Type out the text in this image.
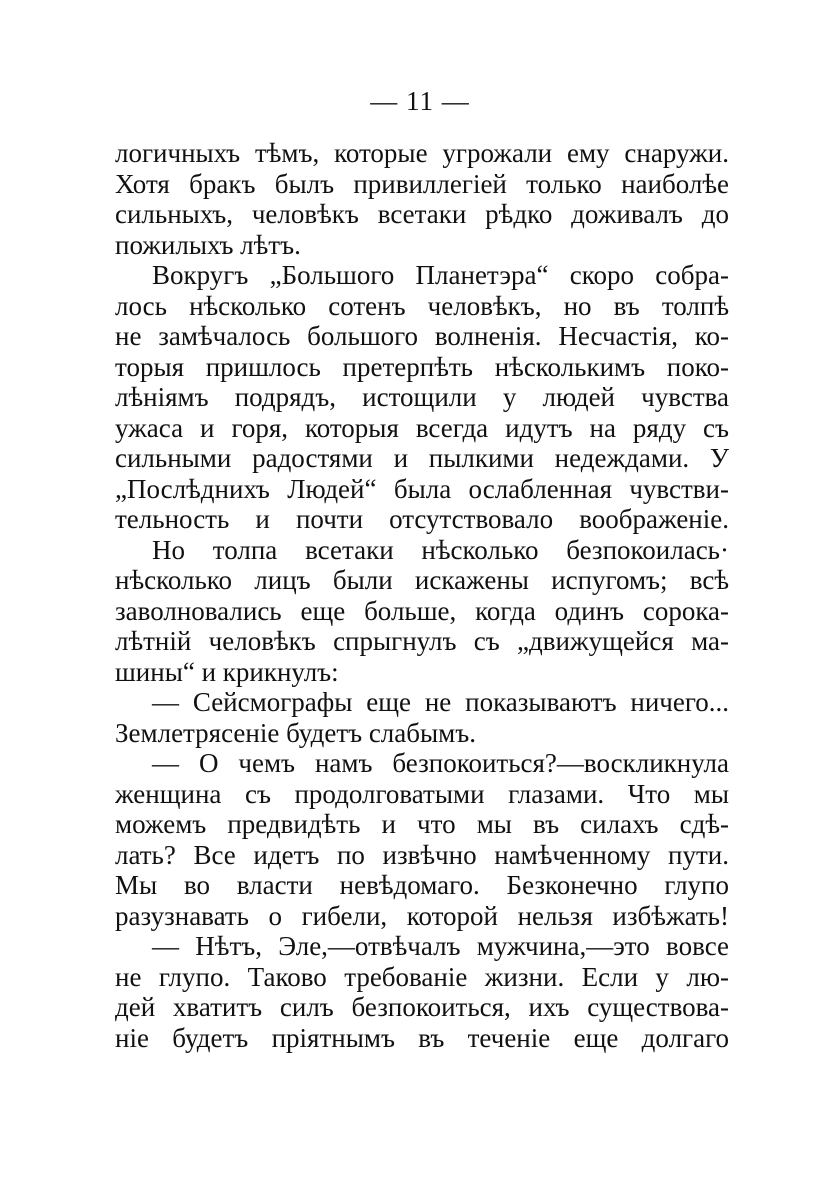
— 11 —
логичныхъ тѣмъ, которые угрожали ему снаружи.
Хотя бракъ былъ привиллегіей только наиболѣе
сильныхъ, человѣкъ всетаки рѣдко доживалъ до
пожилыхъ лѣтъ.
Вокругъ „Большого Планетэра“ скоро собра-
лось нѣсколько сотенъ человѣкъ, но въ толпѣ
не замѣчалось большого волненія. Несчастія, ко-
торыя пришлось претерпѣть нѣсколькимъ поко-
лѣніямъ подрядъ, истощили у людей чувства
ужаса и горя, которыя всегда идутъ на ряду съ
сильными радостями и пылкими недеждами. У
„Послѣднихъ Людей“ была ослабленная чувстви-
тельность и почти отсутствовало воображеніе.
Но толпа всетаки нѣсколько безпокоилась·
нѣсколько лицъ были искажены испугомъ; всѣ
заволновались еще больше, когда одинъ сорока-
лѣтній человѣкъ спрыгнулъ съ „движущейся ма-
шины“ и крикнулъ:
— Сейсмографы еще не показываютъ ничего...
Землетрясеніе будетъ слабымъ.
— О чемъ намъ безпокоиться?—воскликнула
женщина съ продолговатыми глазами. Что мы
можемъ предвидѣть и что мы въ силахъ сдѣ-
лать? Все идетъ по извѣчно намѣченному пути.
Мы во власти невѣдомаго. Безконечно глупо
разузнавать о гибели, которой нельзя избѣжать!
— Нѣтъ, Эле,—отвѣчалъ мужчина,—это вовсе
не глупо. Таково требованіе жизни. Если у лю-
дей хватитъ силъ безпокоиться, ихъ существова-
ніе будетъ пріятнымъ въ теченіе еще долгаго
